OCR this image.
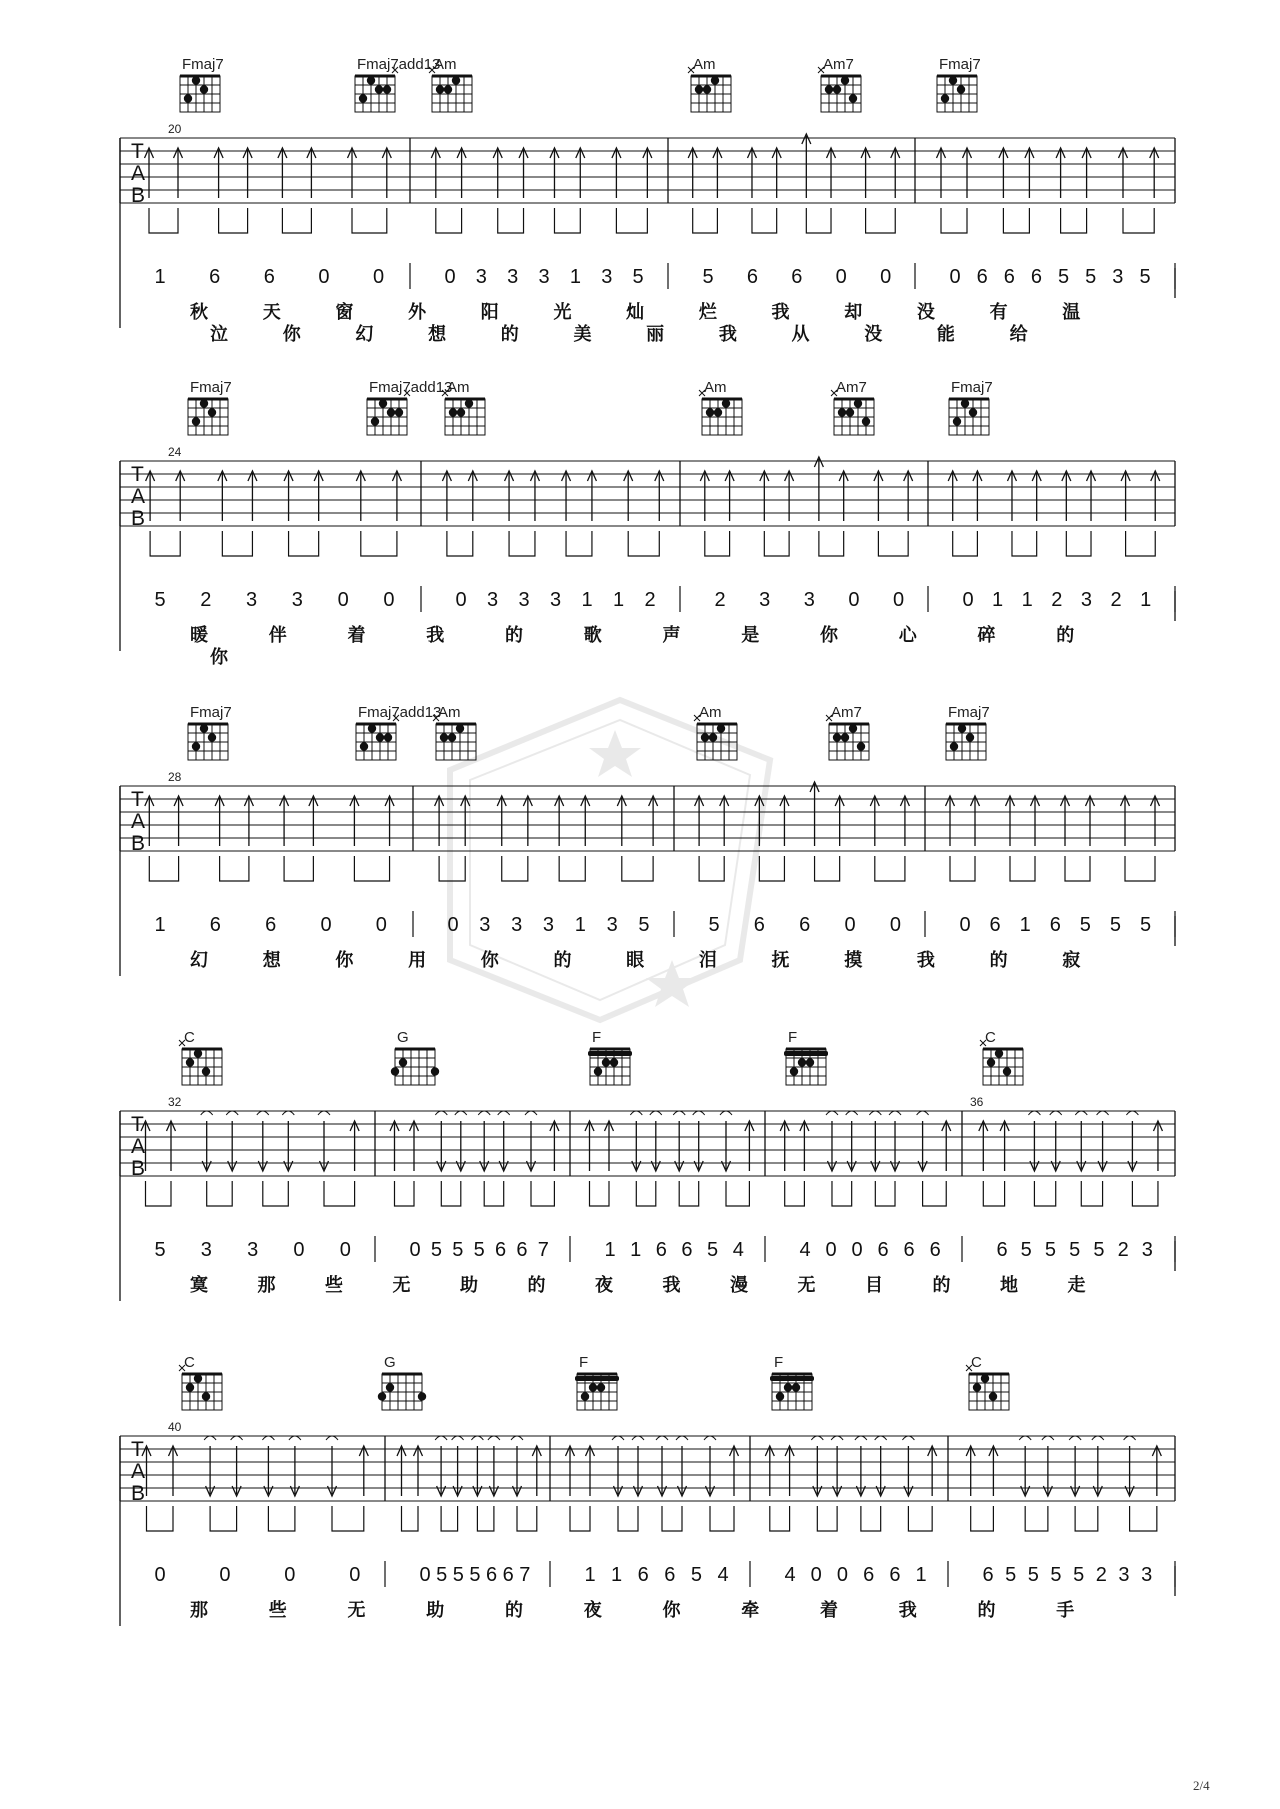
Fmaj7	Fmaj7add13
Am	Am	Am7	Fmaj7
T
A
B
20
1 6 6 0 0	0 3 3 3 1 3 5	5 6 6 0 0	0 6 6 6 5 5 3 5
秋	天	窗	外	阳	光	灿	烂	我	却	没	有	温
泣	你	幻	想	的	美	丽	我	从	没	能	给
Fmaj7	Fmaj7add13
Am	Am	Am7	Fmaj7
T
A
B
24
5 2 3 3 0 0	0 3 3 3 1 1 2	2 3 3 0 0	0 1 1 2 3 2 1
暖	伴	着	我	的	歌	声	是	你	心	碎	的
你
Fmaj7	Fmaj7add13
Am	Am	Am7	Fmaj7
T
A
B
28
1 6 6 0 0	0 3 3 3 1 3 5	5 6 6 0 0	0 6 1 6 5 5 5
幻	想	你	用	你	的	眼	泪	抚	摸	我	的	寂
C	G	F	F	C
T
A
B
32	36
5 3 3 0 0	0 5 5 5 6 6 7	1 1 6 6 5 4	4 0 0 6 6 6	6 5 5 5 5 2 3
寞	那	些	无	助	的	夜	我	漫	无	目	的	地	走
C	G	F	F	C
T
A
B
40
0	0	0	0	0 5 5 5 6 6 7	1 1 6 6 5 4	4 0 0 6 6 1	6 5 5 5 5 2 3 3
那	些	无	助	的	夜	你	牵	着	我	的	手
2/4
